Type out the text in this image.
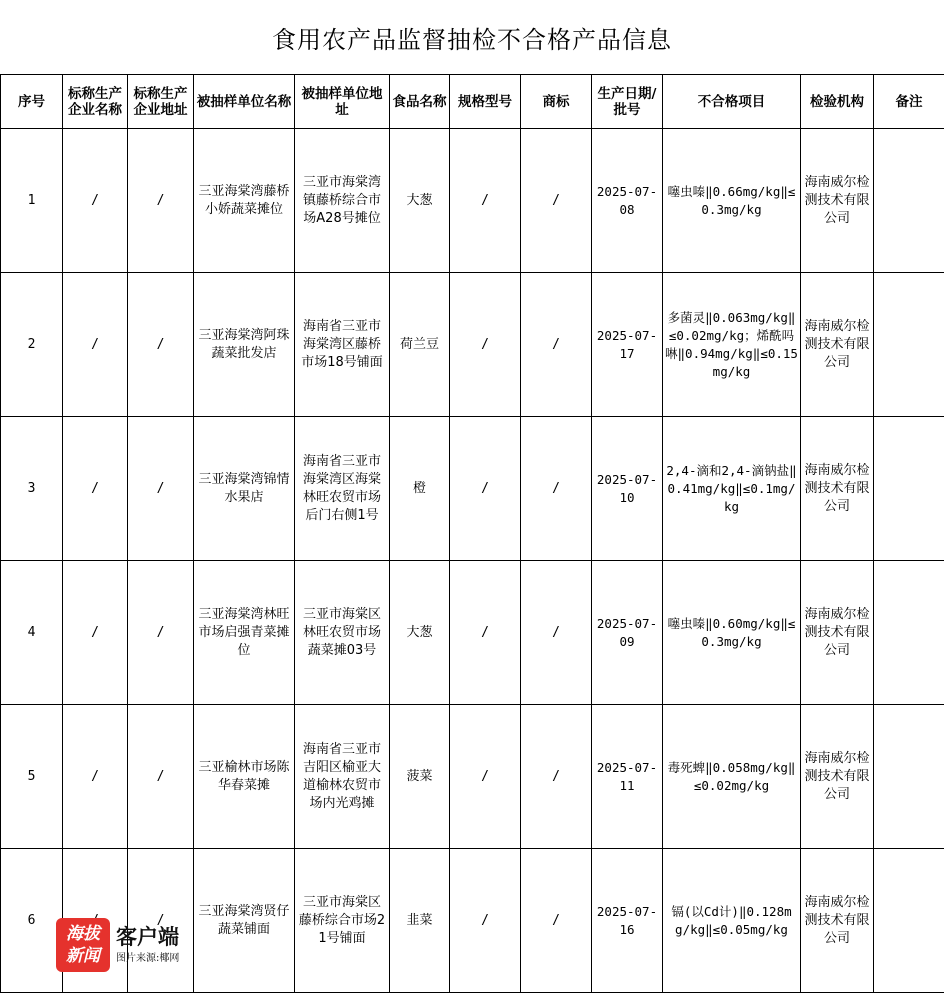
食用农产品监督抽检不合格产品信息
序号	标称生产企业名称	标称生产企业地址	被抽样单位名称	被抽样单位地址	食品名称	规格型号	商标	生产日期/批号	不合格项目	检验机构	备注
1	/	/	三亚海棠湾藤桥小娇蔬菜摊位	三亚市海棠湾镇藤桥综合市场A28号摊位	大葱	/	/	2025-07-08	噻虫嗪‖0.66mg/kg‖≤0.3mg/kg	海南威尔检测技术有限公司	
2	/	/	三亚海棠湾阿珠蔬菜批发店	海南省三亚市海棠湾区藤桥市场18号铺面	荷兰豆	/	/	2025-07-17	多菌灵‖0.063mg/kg‖≤0.02mg/kg；烯酰吗啉‖0.94mg/kg‖≤0.15mg/kg	海南威尔检测技术有限公司	
3	/	/	三亚海棠湾锦情水果店	海南省三亚市海棠湾区海棠林旺农贸市场后门右侧1号	橙	/	/	2025-07-10	2,4-滴和2,4-滴钠盐‖0.41mg/kg‖≤0.1mg/kg	海南威尔检测技术有限公司	
4	/	/	三亚海棠湾林旺市场启强青菜摊位	三亚市海棠区林旺农贸市场蔬菜摊03号	大葱	/	/	2025-07-09	噻虫嗪‖0.60mg/kg‖≤0.3mg/kg	海南威尔检测技术有限公司	
5	/	/	三亚榆林市场陈华春菜摊	海南省三亚市吉阳区榆亚大道榆林农贸市场内光鸡摊	菠菜	/	/	2025-07-11	毒死蜱‖0.058mg/kg‖≤0.02mg/kg	海南威尔检测技术有限公司	
6		/	三亚海棠湾贤仔蔬菜铺面	三亚市海棠区藤桥综合市场21号铺面	韭菜	/	/	2025-07-16	镉(以Cd计)‖0.128mg/kg‖≤0.05mg/kg	海南威尔检测技术有限公司	
海拔
新闻
客户端
图片来源:椰网
